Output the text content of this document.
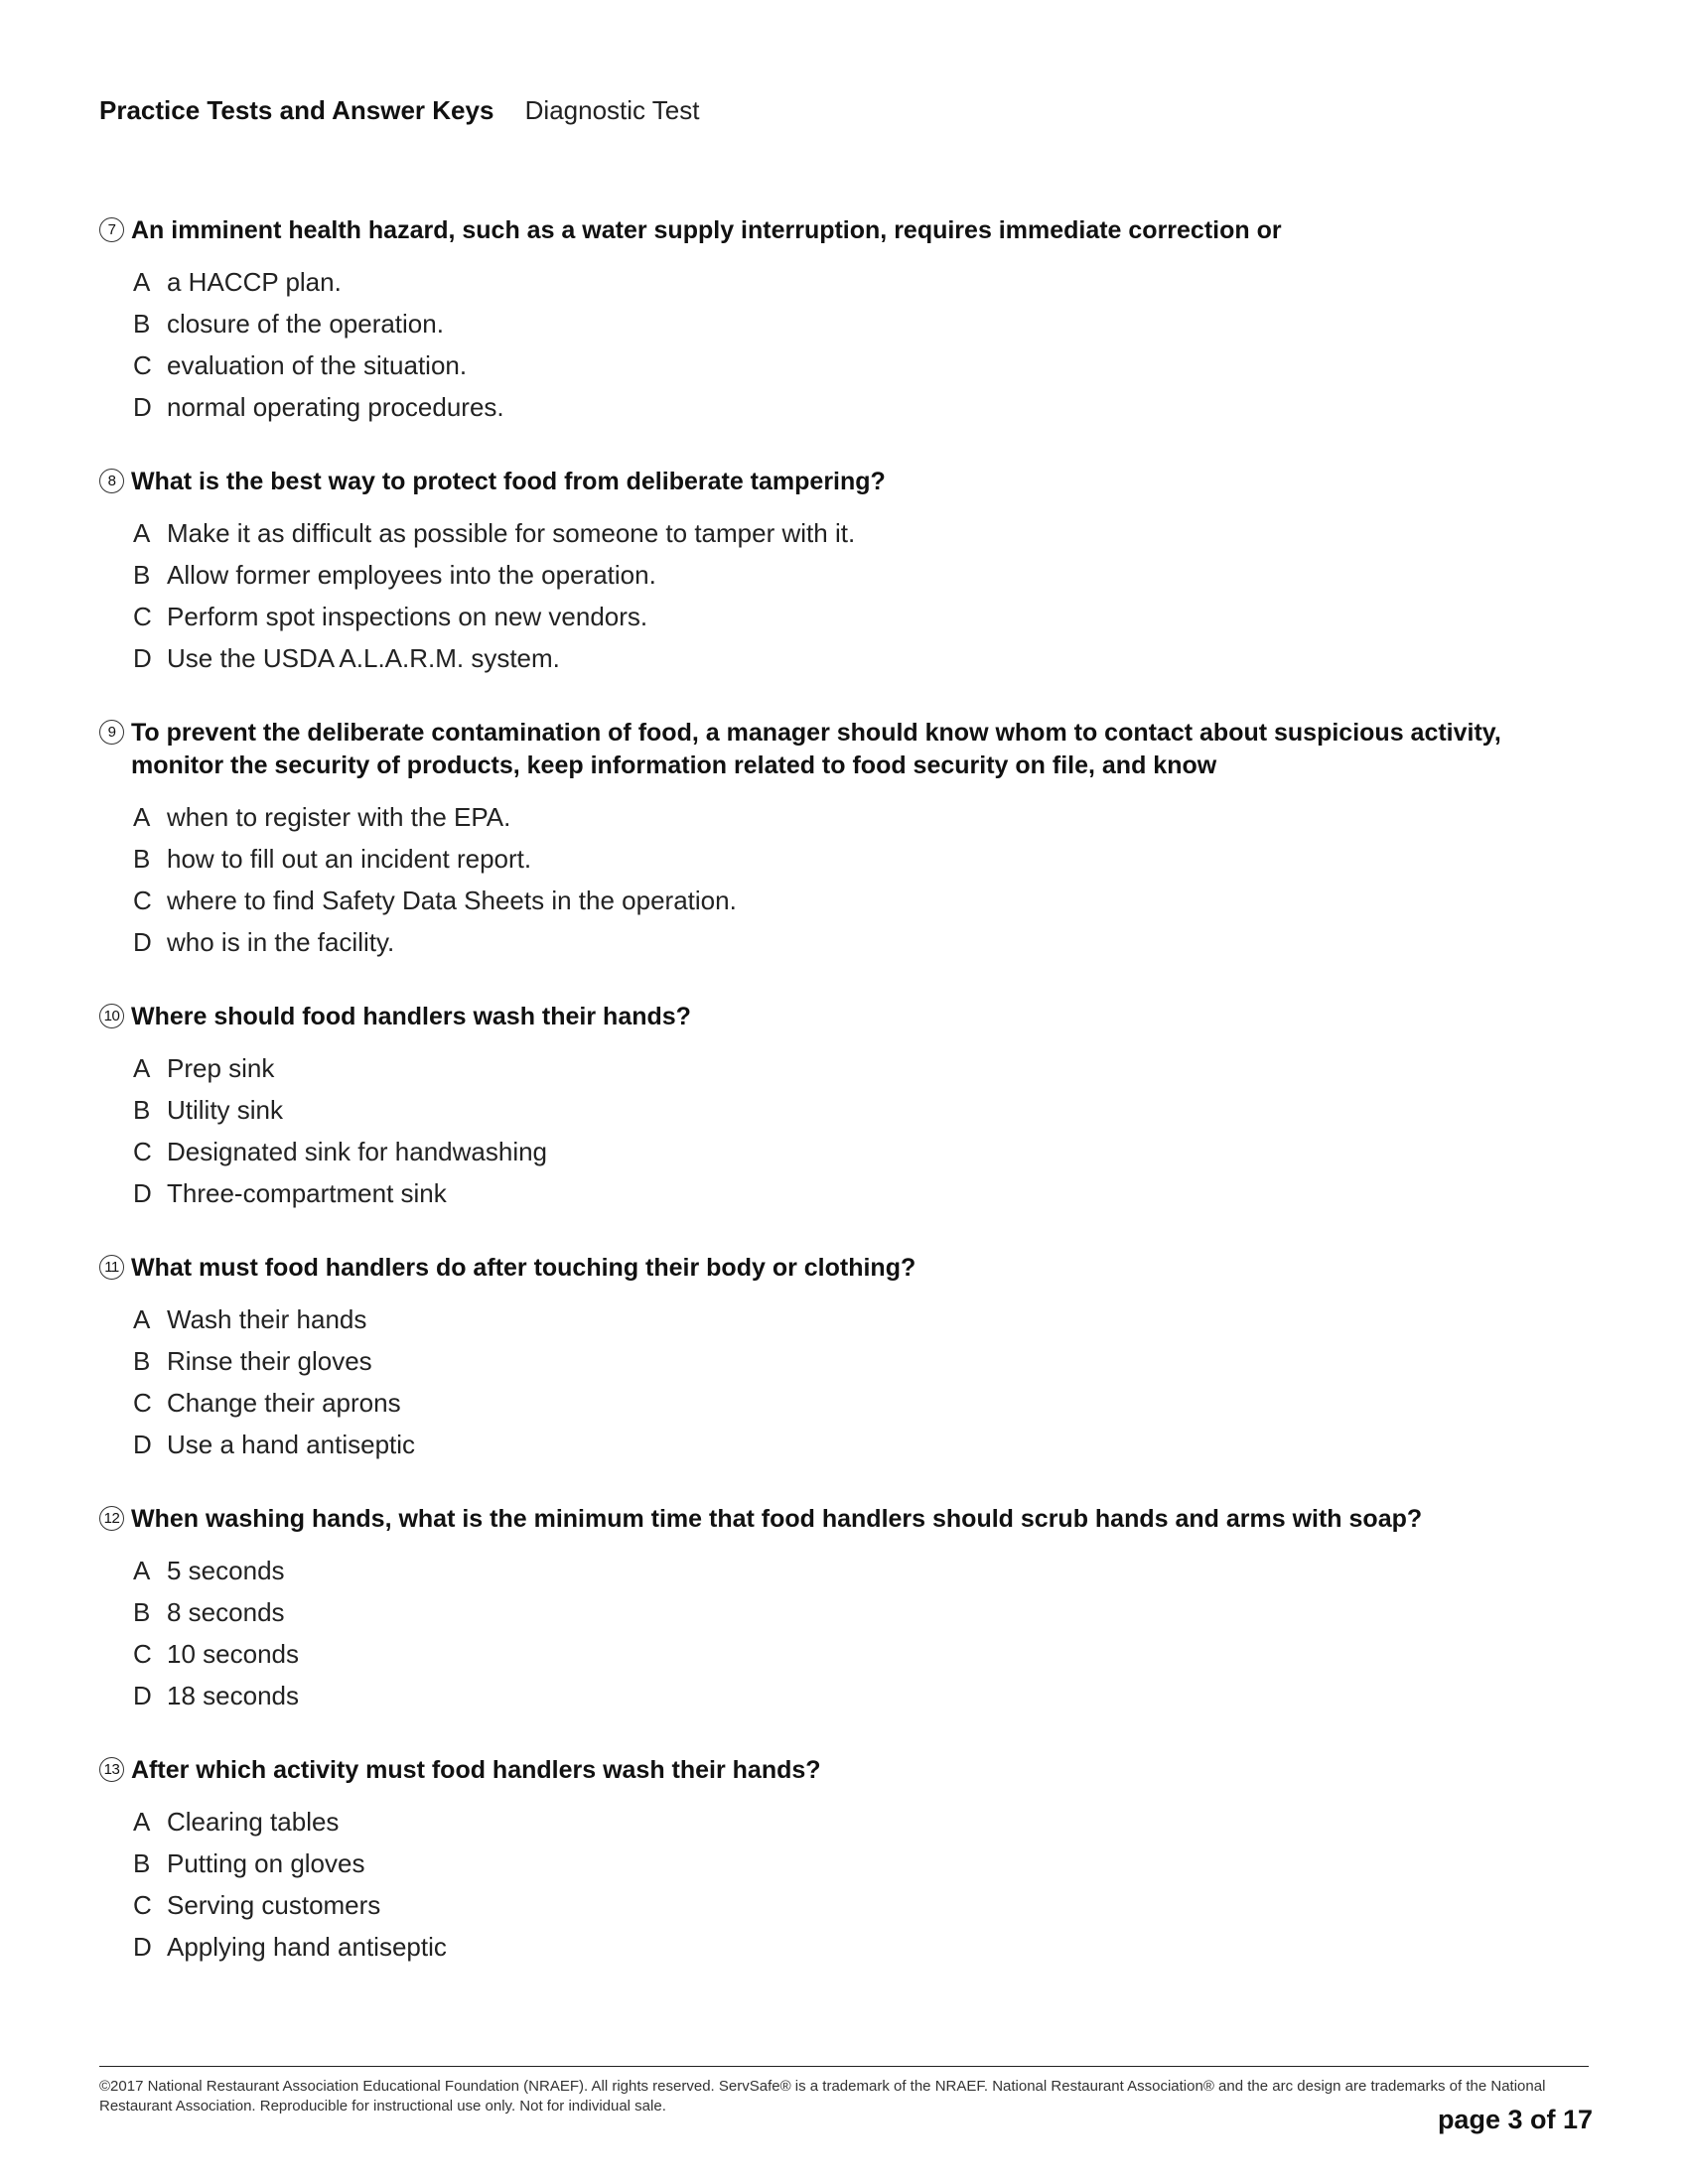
Practice Tests and Answer Keys Diagnostic Test
7 An imminent health hazard, such as a water supply interruption, requires immediate correction or
A a HACCP plan.
B closure of the operation.
C evaluation of the situation.
D normal operating procedures.
8 What is the best way to protect food from deliberate tampering?
A Make it as difficult as possible for someone to tamper with it.
B Allow former employees into the operation.
C Perform spot inspections on new vendors.
D Use the USDA A.L.A.R.M. system.
9 To prevent the deliberate contamination of food, a manager should know whom to contact about suspicious activity, monitor the security of products, keep information related to food security on file, and know
A when to register with the EPA.
B how to fill out an incident report.
C where to find Safety Data Sheets in the operation.
D who is in the facility.
10 Where should food handlers wash their hands?
A Prep sink
B Utility sink
C Designated sink for handwashing
D Three-compartment sink
11 What must food handlers do after touching their body or clothing?
A Wash their hands
B Rinse their gloves
C Change their aprons
D Use a hand antiseptic
12 When washing hands, what is the minimum time that food handlers should scrub hands and arms with soap?
A 5 seconds
B 8 seconds
C 10 seconds
D 18 seconds
13 After which activity must food handlers wash their hands?
A Clearing tables
B Putting on gloves
C Serving customers
D Applying hand antiseptic
©2017 National Restaurant Association Educational Foundation (NRAEF). All rights reserved. ServSafe® is a trademark of the NRAEF. National Restaurant Association® and the arc design are trademarks of the National Restaurant Association. Reproducible for instructional use only. Not for individual sale.	page 3 of 17
